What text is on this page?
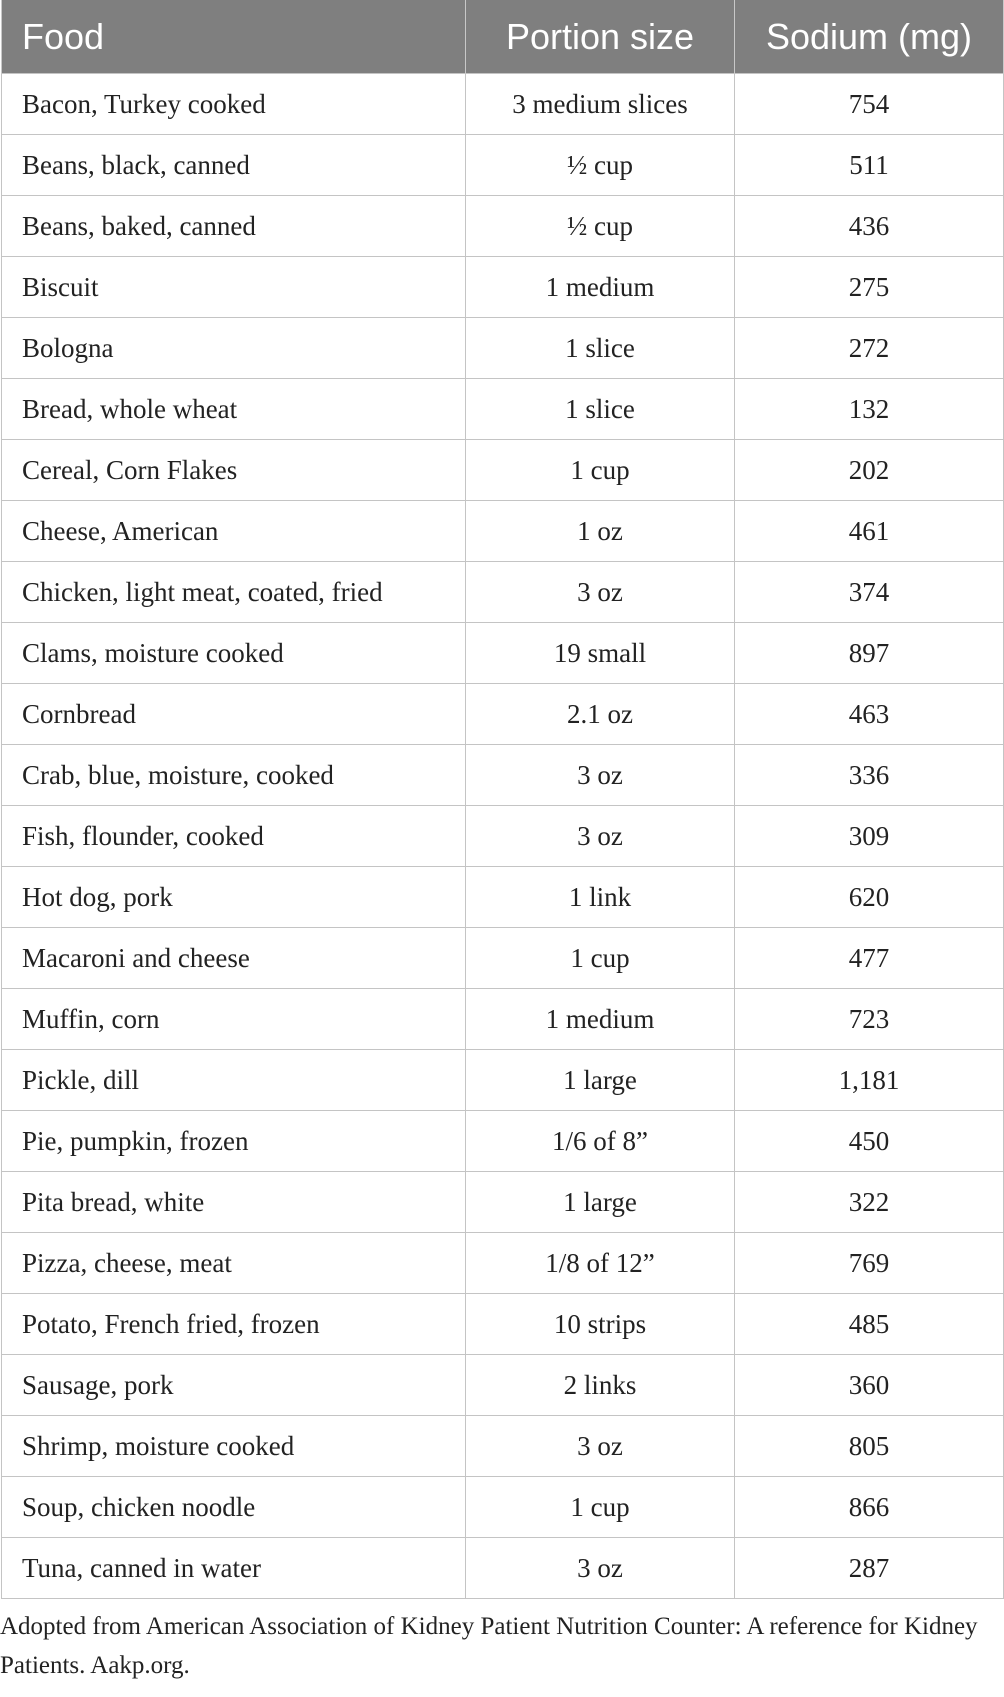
Food	Portion size	Sodium (mg)
Bacon, Turkey cooked	3 medium slices	754
Beans, black, canned	½ cup	511
Beans, baked, canned	½ cup	436
Biscuit	1 medium	275
Bologna	1 slice	272
Bread, whole wheat	1 slice	132
Cereal, Corn Flakes	1 cup	202
Cheese, American	1 oz	461
Chicken, light meat, coated, fried	3 oz	374
Clams, moisture cooked	19 small	897
Cornbread	2.1 oz	463
Crab, blue, moisture, cooked	3 oz	336
Fish, flounder, cooked	3 oz	309
Hot dog, pork	1 link	620
Macaroni and cheese	1 cup	477
Muffin, corn	1 medium	723
Pickle, dill	1 large	1,181
Pie, pumpkin, frozen	1/6 of 8”	450
Pita bread, white	1 large	322
Pizza, cheese, meat	1/8 of 12”	769
Potato, French fried, frozen	10 strips	485
Sausage, pork	2 links	360
Shrimp, moisture cooked	3 oz	805
Soup, chicken noodle	1 cup	866
Tuna, canned in water	3 oz	287

Adopted from American Association of Kidney Patient Nutrition Counter: A reference for Kidney Patients. Aakp.org.
